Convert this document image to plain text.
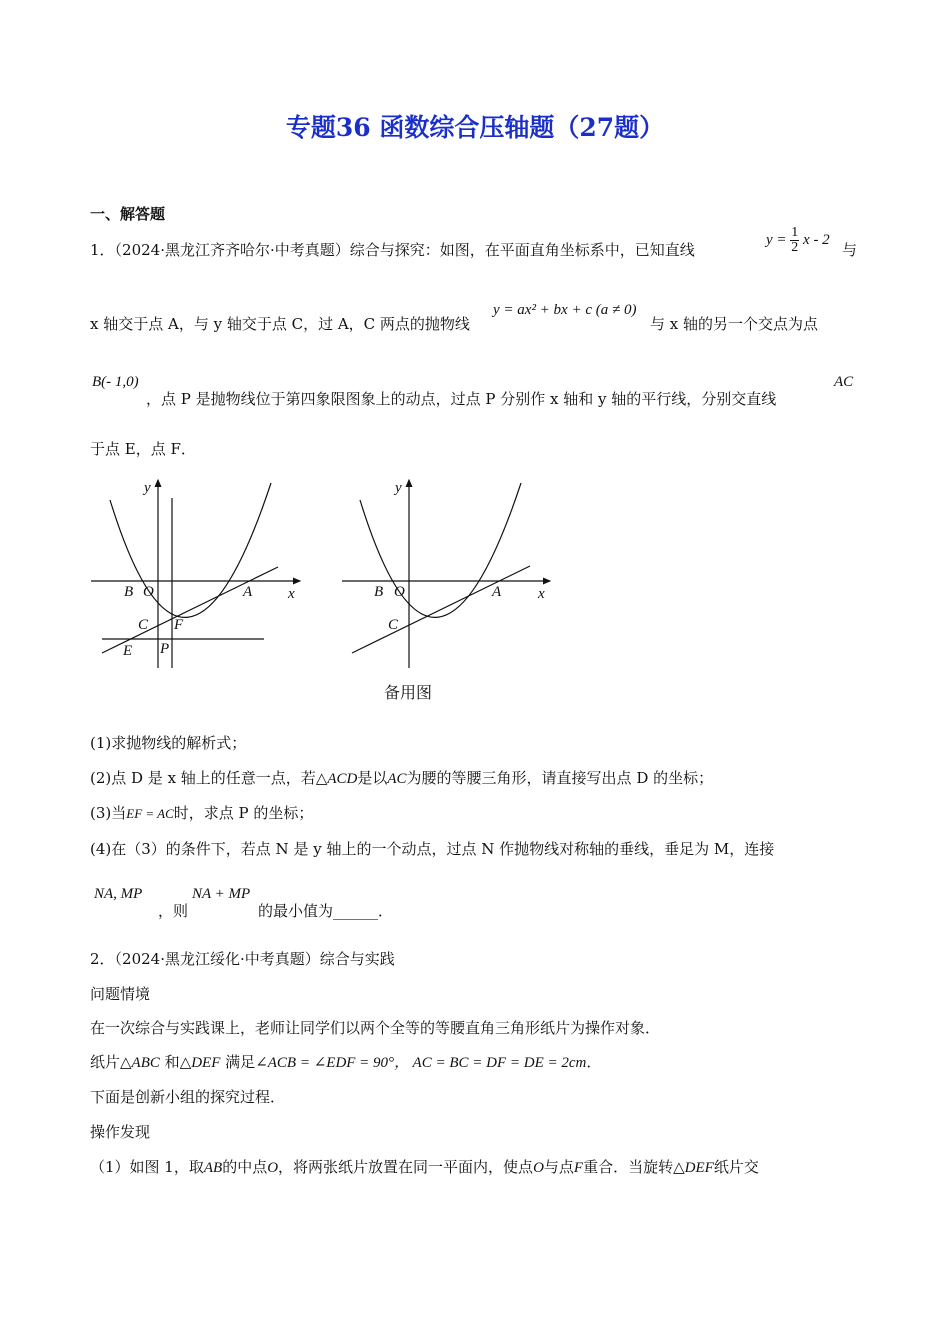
专题36 函数综合压轴题（27题）
一、解答题
1．（2024·黑龙江齐齐哈尔·中考真题）综合与探究：如图，在平面直角坐标系中，已知直线
$y = \frac{1}{2}$ x - 2
与
x 轴交于点 A，与 y 轴交于点 C，过 A，C 两点的抛物线
y = ax² + bx + c (a ≠ 0)
与 x 轴的另一个交点为点
B(- 1,0)
，点 P 是抛物线位于第四象限图象上的动点，过点 P 分别作 x 轴和 y 轴的平行线，分别交直线
AC
于点 E，点 F．
y
x
B O	A
C F
E P
y
x
B O	A
C
备用图
(1)求抛物线的解析式；
(2)点 D 是 x 轴上的任意一点，若△ACD是以AC为腰的等腰三角形，请直接写出点 D 的坐标；
(3)当EF = AC时，求点 P 的坐标；
(4)在（3）的条件下，若点 N 是 y 轴上的一个动点，过点 N 作抛物线对称轴的垂线，垂足为 M，连接
NA, MP
，则
NA + MP
的最小值为______．
2．（2024·黑龙江绥化·中考真题）综合与实践
问题情境
在一次综合与实践课上，老师让同学们以两个全等的等腰直角三角形纸片为操作对象．
纸片△ABC 和△DEF 满足∠ACB = ∠EDF = 90°， AC = BC = DF = DE = 2cm．
下面是创新小组的探究过程．
操作发现
（1）如图 1，取AB的中点O，将两张纸片放置在同一平面内，使点O与点F重合．当旋转△DEF纸片交
